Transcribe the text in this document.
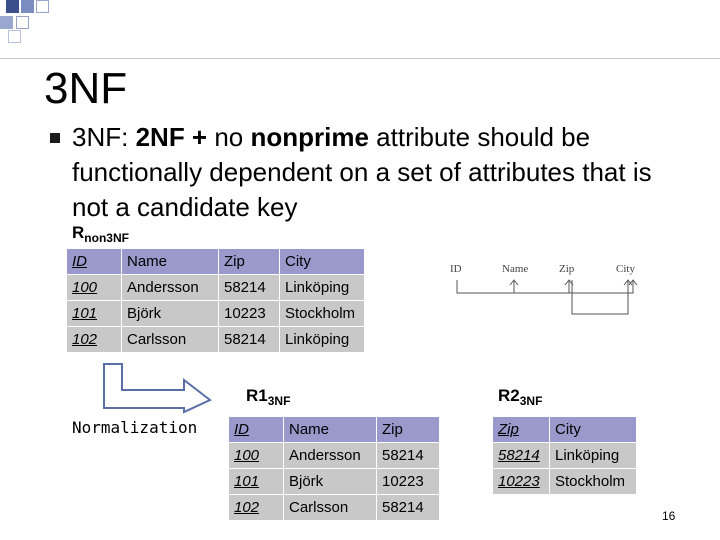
3NF
3NF: 2NF + no nonprime attribute should be functionally dependent on a set of attributes that is not a candidate key
$R_{non3NF}$
ID	Name	Zip	City
100	Andersson	58214	Linköping
101	Björk	10223	Stockholm
102	Carlsson	58214	Linköping
ID	Name	Zip	City
Normalization
$R1_{3NF}$
ID	Name	Zip
100	Andersson	58214
101	Björk	10223
102	Carlsson	58214
$R2_{3NF}$
Zip	City
58214	Linköping
10223	Stockholm
16
